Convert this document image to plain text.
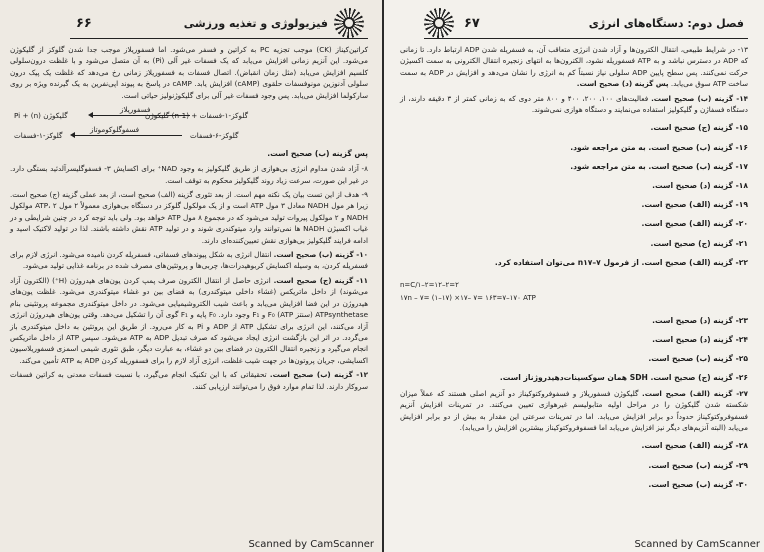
۶۶	فیزیولوژی و تغذیه ورزشی

کراتین‌کیناز (CK) موجب تجزیه PC به کراتین و فسفر می‌شود. اما فسفوریلاز موجب جدا شدن گلوکز از گلیکوژن می‌شود. این آنزیم زمانی افزایش می‌یابد که یک فسفات غیر آلی (Pi) به آن متصل می‌شود و با غلظت درون‌سلولی کلسیم افزایش می‌یابد (مثل زمان انقباض). اتصال فسفات به فسفوریلاز زمانی رخ می‌دهد که غلظت یک پیک درون سلولی آدنوزین مونوفسفات حلقوی (cAMP) افزایش یابد. cAMP در پاسخ به پیوند اپی‌نفرین به یک گیرنده ویژه بر روی سارکولما افزایش می‌یابد. پس وجود فسفات غیر آلی برای گلیکوژنولیز حیاتی است.

گلیکوژن (n) + Pi
فسفوریلاز
گلوکز-۱-فسفات + (n-1) گلیکوژن
گلوکز-۱-فسفات
فسفوگلوکوموتاز
گلوکز-۶-فسفات

پس گزینه (ب) صحیح است.

۸- آزاد شدن مداوم انرژی بی‌هوازی از طریق گلیکولیز به وجود NAD⁺ برای اکسایش ۳- فسفوگلیسرآلدئید بستگی دارد. در غیر این صورت، سرعت زیاد روند گلیکولیز محکوم به توقف است.

۹- هدف از این تست بیان یک نکته مهم است. از بعد تئوری گزینه (الف) صحیح است، از بعد عملی گزینه (ج) صحیح است. زیرا هر مول NADH معادل ۳ مول ATP است و از یک مولکول گلوکز در دستگاه بی‌هوازی معمولاً ۲ مول ATP، ۲ مولکول NADH و ۲ مولکول پیروات تولید می‌شود که در مجموع ۸ مول ATP خواهد بود. ولی باید توجه کرد در چنین شرایطی و در غیاب اکسیژن NADH ها نمی‌توانند وارد میتوکندری شوند و در تولید ATP نقش داشته باشند. لذا در تولید لاکتیک اسید و ادامه فرایند گلیکولیز بی‌هوازی نقش تعیین‌کننده‌ای دارند.

۱۰- گزینه (ب) صحیح است. انتقال انرژی به شکل پیوندهای فسفاتی، فسفریله کردن نامیده می‌شود. انرژی لازم برای فسفریله کردن، به وسیله اکسایش کربوهیدرات‌ها، چربی‌ها و پروتئین‌های مصرف شده در برنامه غذایی تولید می‌شود.

۱۱- گزینه (ج) صحیح است. انرژی حاصل از انتقال الکترون صرف پمپ کردن یون‌های هیدروژن (H⁺) (الکترون آزاد می‌شوند) از داخل ماتریکس (غشاء داخلی میتوکندری) به فضای بین دو غشاء میتوکندری می‌شود. غلظت یون‌های هیدروژن در این فضا افزایش می‌یابد و باعث شیب الکتروشیمیایی می‌شود. در داخل میتوکندری مجموعه پروتئینی بنام ATPsynthetase (سنتز ATP) F₀ و F₁ وجود دارد. F₀ پایه و F₁ گوی آن را تشکیل می‌دهد. وقتی یون‌های هیدروژن انرژی آزاد می‌کنند، این انرژی برای تشکیل ATP از ADP و Pi به کار می‌رود. از طریق این پروتئین به داخل میتوکندری باز می‌گردد. در اثر این بازگشت انرژی ایجاد می‌شود که صرف تبدیل ADP به ATP می‌شود. سپس ATP از داخل ماتریکس انجام می‌گیرد و زنجیره انتقال الکترون در فضای بین دو غشاء، به عبارت دیگر، طبق تئوری شیمی اسمزی فسفوریلاسیون اکسایشی، جریان پروتون‌ها در جهت شیب غلظت، انرژی آزاد لازم را برای فسفوریله کردن ADP به ATP تأمین می‌کند.

۱۲- گزینه (ب) صحیح است. تحقیقاتی که با این تکنیک انجام می‌گیرد، با نسبت فسفات معدنی به کراتین فسفات سروکار دارند. لذا تمام موارد فوق را می‌توانند ارزیابی کنند.

Scanned by CamScanner
۶۷	فصل دوم: دستگاه‌های انرژی

۱۳- در شرایط طبیعی، انتقال الکترون‌ها و آزاد شدن انرژی متعاقب آن، به فسفریله شدن ADP ارتباط دارد. تا زمانی که ADP در دسترس نباشد و به ATP فسفوریله نشود، الکترون‌ها به انتهای زنجیره انتقال الکترونی به سمت اکسیژن حرکت نمی‌کنند. پس سطح پایین ADP سلولی نیاز نسبتاً کم به انرژی را نشان می‌دهد و افزایش در ADP به سمت ساخت ATP سوق می‌یابد. پس گزینه (د) صحیح است.

۱۴- گزینه (ب) صحیح است. فعالیت‌های ۱۰۰، ۲۰۰، ۴۰۰ و ۸۰۰ متر دوی که به زمانی کمتر از ۳ دقیقه دارند، از دستگاه فسفاژن و گلیکولیز استفاده می‌نمایند و دستگاه هوازی نمی‌شوند.

۱۵- گزینه (ج) صحیح است.

۱۶- گزینه (ب) صحیح است. به متن مراجعه شود.

۱۷- گزینه (ب) صحیح است. به متن مراجعه شود.

۱۸- گزینه (د) صحیح است.

۱۹- گزینه (الف) صحیح است.

۲۰- گزینه (الف) صحیح است.

۲۱- گزینه (ج) صحیح است.

۲۲- گزینه (الف) صحیح است. از فرمول ۷–n۱۷ می‌توان استفاده کرد.

n=C/۱–۲=۱۲–۲=۲

۱۷n – ۷= (۱–۱۷) ×۱۷– ۷= ۱۶۳=۷–۱۷۰ ATP

۲۳- گزینه (د) صحیح است.

۲۴- گزینه (د) صحیح است.

۲۵- گزینه (ب) صحیح است.

۲۶- گزینه (ج) صحیح است. SDH همان سوکسینات‌دهیدروژناز است.

۲۷- گزینه (الف) صحیح است. گلیکوژن فسفوریلاز و فسفوفروکتوکیناز دو آنزیم اصلی هستند که عملاً میزان شکسته شدن گلیکوژن را در مراحل اولیه متابولیسم غیرهوازی تعیین می‌کنند. در تمرینات افزایش آنزیم فسفوفروکتوکیناز حدوداً دو برابر افزایش می‌یابد. اما در تمرینات سرعتی این مقدار به بیش از دو برابر افزایش می‌یابد (البته آنزیم‌های دیگر نیز افزایش می‌یابد اما فسفوفروکتوکیناز بیشترین افزایش را می‌یابد).

۲۸- گزینه (الف) صحیح است.

۲۹- گزینه (ب) صحیح است.

۳۰- گزینه (ب) صحیح است.

Scanned by CamScanner
